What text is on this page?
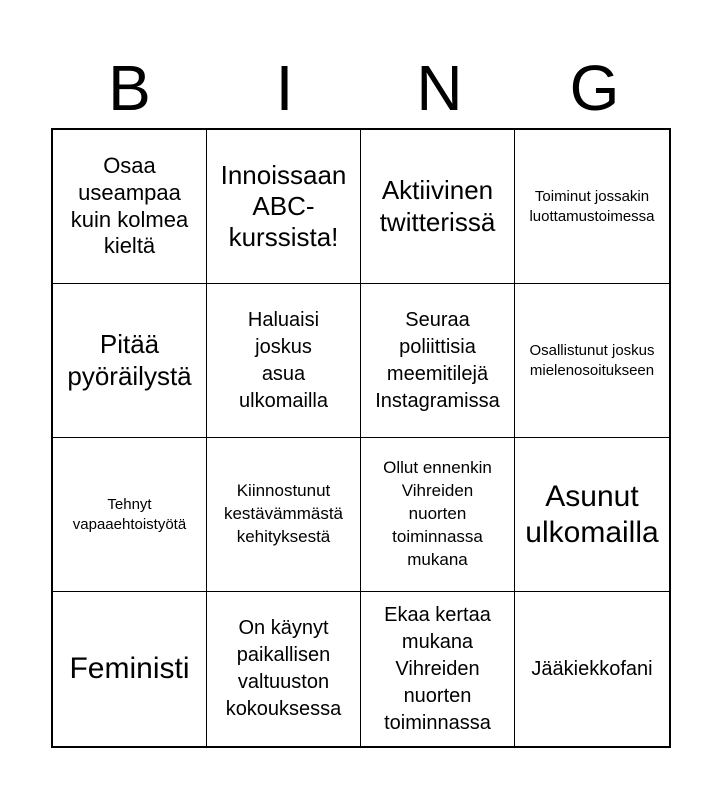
B	I	N	G
Osaa
useampaa
kuin kolmea
kieltä
Innoissaan
ABC-
kurssista!
Aktiivinen
twitterissä
Toiminut jossakin
luottamustoimessa
Pitää
pyöräilystä
Haluaisi
joskus
asua
ulkomailla
Seuraa
poliittisia
meemitilejä
Instagramissa
Osallistunut joskus
mielenosoitukseen
Tehnyt
vapaaehtoistyötä
Kiinnostunut
kestävämmästä
kehityksestä
Ollut ennenkin
Vihreiden
nuorten
toiminnassa
mukana
Asunut
ulkomailla
Feministi
On käynyt
paikallisen
valtuuston
kokouksessa
Ekaa kertaa
mukana
Vihreiden
nuorten
toiminnassa
Jääkiekkofani
